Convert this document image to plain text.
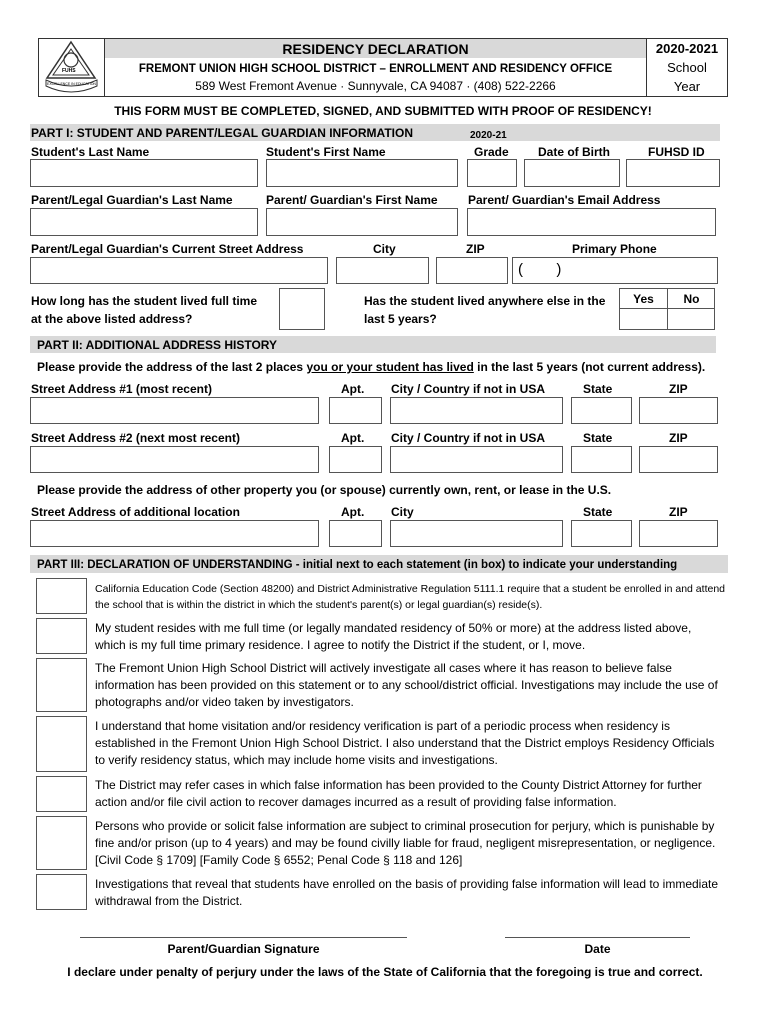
FUHS
EXCELLENCE IN EDUCATION
RESIDENCY DECLARATION
FREMONT UNION HIGH SCHOOL DISTRICT – ENROLLMENT AND RESIDENCY OFFICE
589 West Fremont Avenue · Sunnyvale, CA 94087 · (408) 522-2266
2020-2021
School
Year
THIS FORM MUST BE COMPLETED, SIGNED, AND SUBMITTED WITH PROOF OF RESIDENCY!
PART I: STUDENT AND PARENT/LEGAL GUARDIAN INFORMATION	2020-21
Student's Last Name	Student's First Name	Grade Date of Birth	FUHSD ID
Parent/Legal Guardian's Last Name	Parent/ Guardian's First Name	Parent/ Guardian's Email Address
Parent/Legal Guardian's Current Street Address	City	ZIP	Primary Phone
(        )
How long has the student lived full time
at the above listed address?
Has the student lived anywhere else in the
last 5 years?
Yes	No
PART II: ADDITIONAL ADDRESS HISTORY
Please provide the address of the last 2 places you or your student has lived in the last 5 years (not current address).
Street Address #1 (most recent)	Apt. City / Country if not in USA	State	ZIP
Street Address #2 (next most recent)	Apt. City / Country if not in USA	State	ZIP
Please provide the address of other property you (or spouse) currently own, rent, or lease in the U.S.
Street Address of additional location	Apt. City	State	ZIP
PART III: DECLARATION OF UNDERSTANDING - initial next to each statement (in box) to indicate your understanding
California Education Code (Section 48200) and District Administrative Regulation 5111.1 require that a student be enrolled in and attend the school that is within the district in which the student's parent(s) or legal guardian(s) reside(s).
My student resides with me full time (or legally mandated residency of 50% or more) at the address listed above, which is my full time primary residence. I agree to notify the District if the student, or I, move.
The Fremont Union High School District will actively investigate all cases where it has reason to believe false information has been provided on this statement or to any school/district official. Investigations may include the use of photographs and/or video taken by investigators.
I understand that home visitation and/or residency verification is part of a periodic process when residency is established in the Fremont Union High School District. I also understand that the District employs Residency Officials to verify residency status, which may include home visits and investigations.
The District may refer cases in which false information has been provided to the County District Attorney for further action and/or file civil action to recover damages incurred as a result of providing false information.
Persons who provide or solicit false information are subject to criminal prosecution for perjury, which is punishable by fine and/or prison (up to 4 years) and may be found civilly liable for fraud, negligent misrepresentation, or negligence. [Civil Code § 1709] [Family Code § 6552; Penal Code § 118 and 126]
Investigations that reveal that students have enrolled on the basis of providing false information will lead to immediate withdrawal from the District.
Parent/Guardian Signature	Date
I declare under penalty of perjury under the laws of the State of California that the foregoing is true and correct.
